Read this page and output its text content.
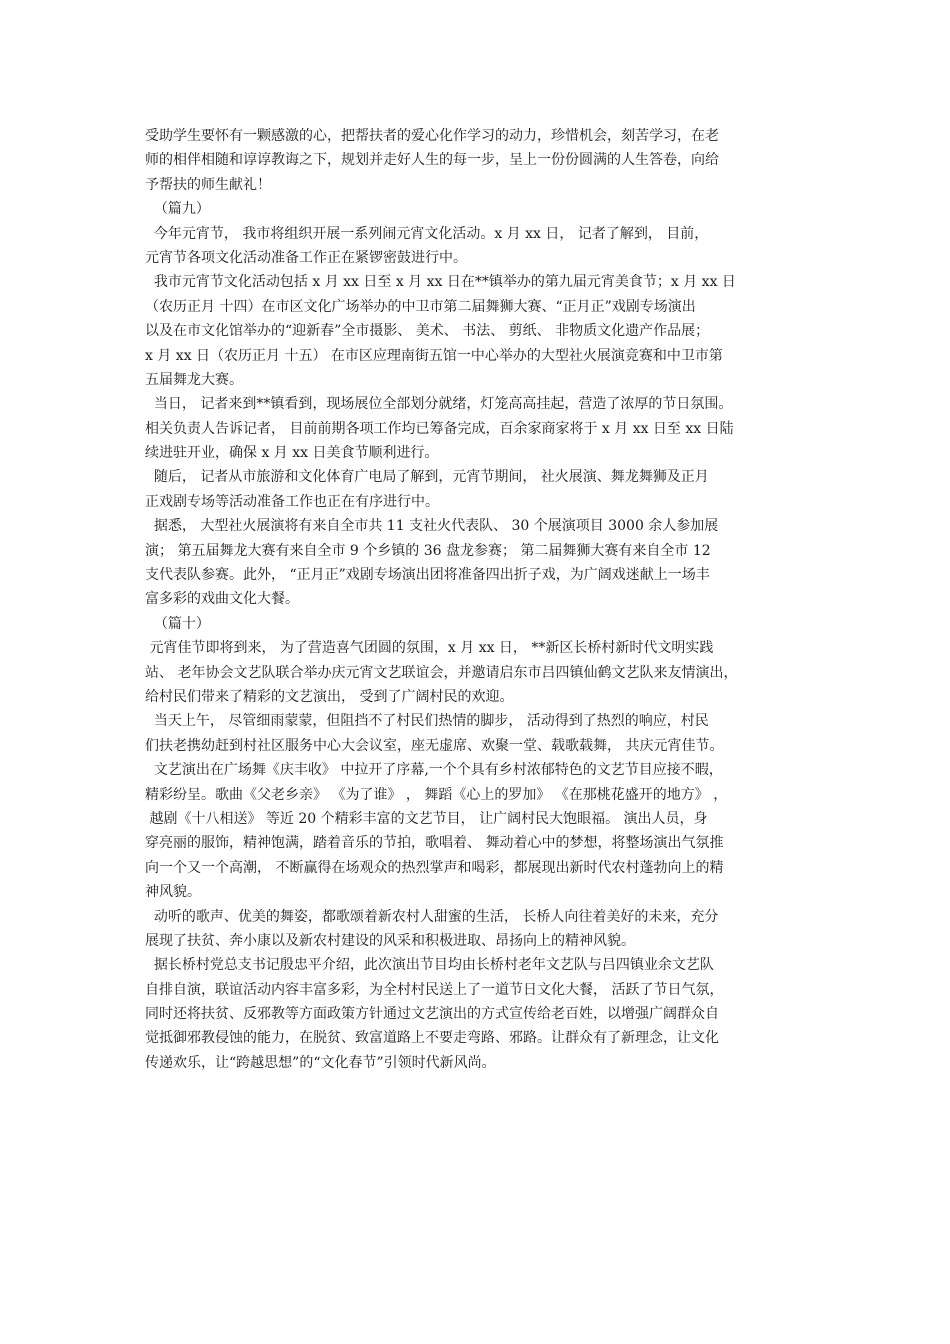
受助学生要怀有一颗感激的心，把帮扶者的爱心化作学习的动力，珍惜机会，刻苦学习，在老
师的相伴相随和谆谆教诲之下，规划并走好人生的每一步，呈上一份份圆满的人生答卷，向给
予帮扶的师生献礼！
（篇九）
今年元宵节， 我市将组织开展一系列闹元宵文化活动。x 月 xx 日， 记者了解到， 目前，
元宵节各项文化活动准备工作正在紧锣密鼓进行中。
我市元宵节文化活动包括 x 月 xx 日至 x 月 xx 日在**镇举办的第九届元宵美食节；x 月 xx 日
（农历正月 十四）在市区文化广场举办的中卫市第二届舞狮大赛、“正月正”戏剧专场演出
以及在市文化馆举办的“迎新春”全市摄影、 美术、 书法、 剪纸、 非物质文化遗产作品展；
x 月 xx 日（农历正月 十五） 在市区应理南街五馆一中心举办的大型社火展演竞赛和中卫市第
五届舞龙大赛。
当日， 记者来到**镇看到，现场展位全部划分就绪，灯笼高高挂起，营造了浓厚的节日氛围。
相关负责人告诉记者， 目前前期各项工作均已筹备完成，百余家商家将于 x 月 xx 日至 xx 日陆
续进驻开业，确保 x 月 xx 日美食节顺利进行。
随后， 记者从市旅游和文化体育广电局了解到，元宵节期间， 社火展演、舞龙舞狮及正月
正戏剧专场等活动准备工作也正在有序进行中。
据悉， 大型社火展演将有来自全市共 11 支社火代表队、 30 个展演项目 3000 余人参加展
演； 第五届舞龙大赛有来自全市 9 个乡镇的 36 盘龙参赛； 第二届舞狮大赛有来自全市 12
支代表队参赛。此外， “正月正”戏剧专场演出团将准备四出折子戏，为广阔戏迷献上一场丰
富多彩的戏曲文化大餐。
（篇十）
元宵佳节即将到来， 为了营造喜气团圆的氛围，x 月 xx 日， **新区长桥村新时代文明实践
站、 老年协会文艺队联合举办庆元宵文艺联谊会，并邀请启东市吕四镇仙鹤文艺队来友情演出，
给村民们带来了精彩的文艺演出， 受到了广阔村民的欢迎。
当天上午， 尽管细雨蒙蒙，但阻挡不了村民们热情的脚步， 活动得到了热烈的响应，村民
们扶老携幼赶到村社区服务中心大会议室，座无虚席、欢聚一堂、载歌载舞， 共庆元宵佳节。
文艺演出在广场舞《庆丰收》 中拉开了序幕,一个个具有乡村浓郁特色的文艺节目应接不暇，
精彩纷呈。歌曲《父老乡亲》 《为了谁》 ， 舞蹈《心上的罗加》 《在那桃花盛开的地方》 ，
越剧《十八相送》 等近 20 个精彩丰富的文艺节目， 让广阔村民大饱眼福。 演出人员，身
穿亮丽的服饰，精神饱满，踏着音乐的节拍，歌唱着、 舞动着心中的梦想，将整场演出气氛推
向一个又一个高潮， 不断赢得在场观众的热烈掌声和喝彩，都展现出新时代农村蓬勃向上的精
神风貌。
动听的歌声、优美的舞姿，都歌颂着新农村人甜蜜的生活， 长桥人向往着美好的未来，充分
展现了扶贫、奔小康以及新农村建设的风采和积极进取、昂扬向上的精神风貌。
据长桥村党总支书记殷忠平介绍，此次演出节目均由长桥村老年文艺队与吕四镇业余文艺队
自排自演，联谊活动内容丰富多彩，为全村村民送上了一道节日文化大餐， 活跃了节日气氛，
同时还将扶贫、反邪教等方面政策方针通过文艺演出的方式宣传给老百姓，以增强广阔群众自
觉抵御邪教侵蚀的能力，在脱贫、致富道路上不要走弯路、邪路。让群众有了新理念，让文化
传递欢乐，让“跨越思想”的“文化春节”引领时代新风尚。
